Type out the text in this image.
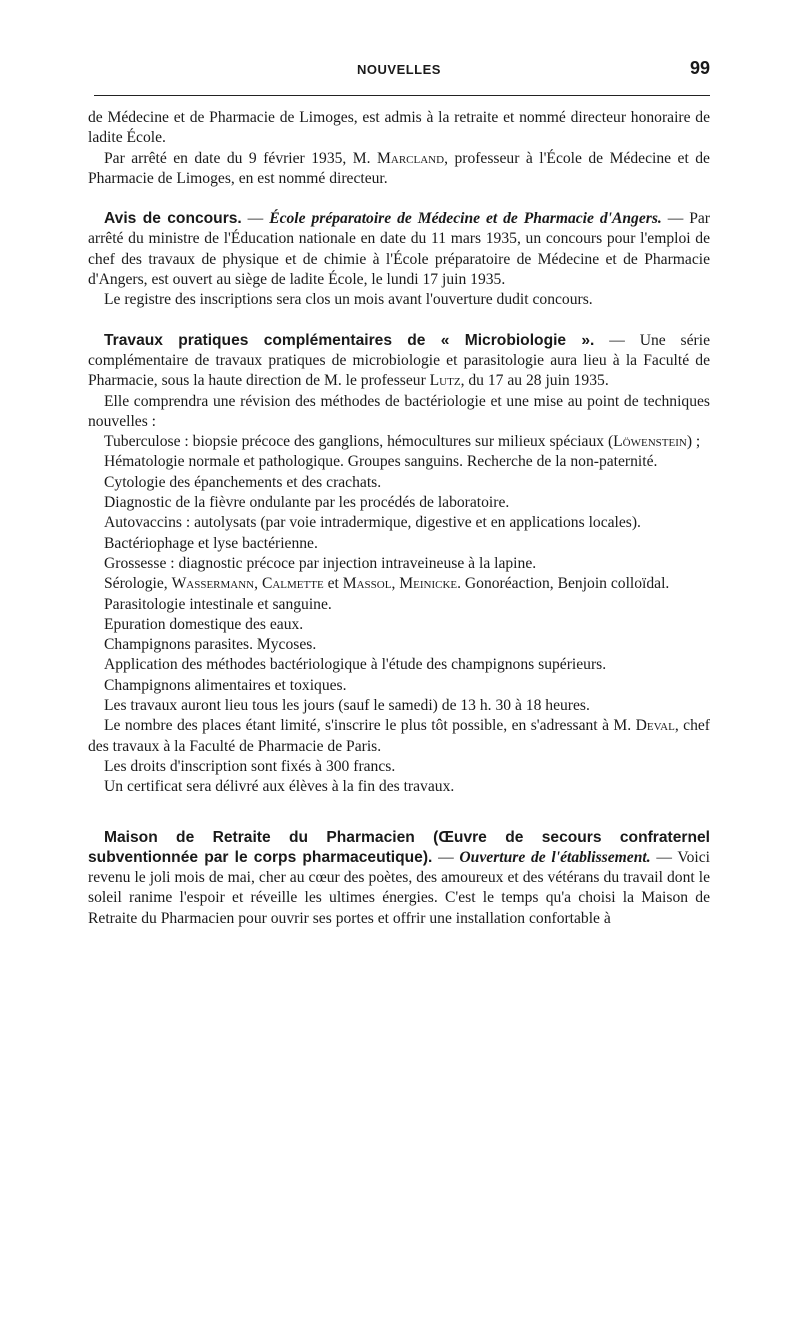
NOUVELLES	99

de Médecine et de Pharmacie de Limoges, est admis à la retraite et nommé directeur honoraire de ladite École.

Par arrêté en date du 9 février 1935, M. Marcland, professeur à l'École de Médecine et de Pharmacie de Limoges, en est nommé directeur.

Avis de concours. — École préparatoire de Médecine et de Pharmacie d'Angers. — Par arrêté du ministre de l'Éducation nationale en date du 11 mars 1935, un concours pour l'emploi de chef des travaux de physique et de chimie à l'École préparatoire de Médecine et de Pharmacie d'Angers, est ouvert au siège de ladite École, le lundi 17 juin 1935.

Le registre des inscriptions sera clos un mois avant l'ouverture dudit concours.

Travaux pratiques complémentaires de « Microbiologie ». — Une série complémentaire de travaux pratiques de microbiologie et parasitologie aura lieu à la Faculté de Pharmacie, sous la haute direction de M. le professeur Lutz, du 17 au 28 juin 1935.

Elle comprendra une révision des méthodes de bactériologie et une mise au point de techniques nouvelles :

Tuberculose : biopsie précoce des ganglions, hémocultures sur milieux spéciaux (Löwenstein) ;

Hématologie normale et pathologique. Groupes sanguins. Recherche de la non-paternité.

Cytologie des épanchements et des crachats.

Diagnostic de la fièvre ondulante par les procédés de laboratoire.

Autovaccins : autolysats (par voie intradermique, digestive et en applications locales).

Bactériophage et lyse bactérienne.

Grossesse : diagnostic précoce par injection intraveineuse à la lapine.

Sérologie, Wassermann, Calmette et Massol, Meinicke. Gonoréaction, Benjoin colloïdal.

Parasitologie intestinale et sanguine.

Epuration domestique des eaux.

Champignons parasites. Mycoses.

Application des méthodes bactériologique à l'étude des champignons supérieurs.

Champignons alimentaires et toxiques.

Les travaux auront lieu tous les jours (sauf le samedi) de 13 h. 30 à 18 heures.

Le nombre des places étant limité, s'inscrire le plus tôt possible, en s'adressant à M. Deval, chef des travaux à la Faculté de Pharmacie de Paris.

Les droits d'inscription sont fixés à 300 francs.

Un certificat sera délivré aux élèves à la fin des travaux.

Maison de Retraite du Pharmacien (Œuvre de secours confraternel subventionnée par le corps pharmaceutique). — Ouverture de l'établissement. — Voici revenu le joli mois de mai, cher au cœur des poètes, des amoureux et des vétérans du travail dont le soleil ranime l'espoir et réveille les ultimes énergies. C'est le temps qu'a choisi la Maison de Retraite du Pharmacien pour ouvrir ses portes et offrir une installation confortable à
